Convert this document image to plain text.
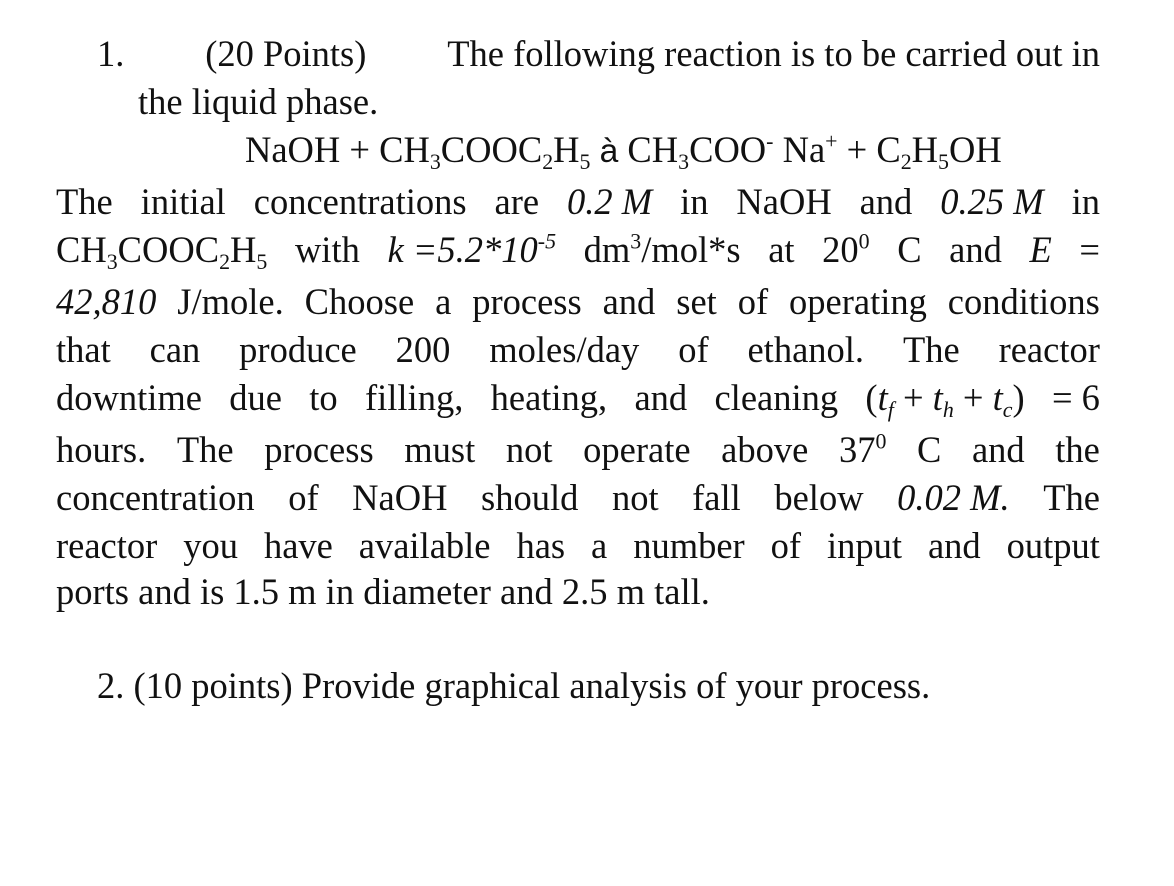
1. (20 Points) The following reaction is to be carried out in
the liquid phase.
NaOH + $CH_3COOC_2H_5$ à $CH_3COO^-$ $Na^+ + C_2H_5OH$
The initial concentrations are 0.2 M in NaOH and 0.25 M in
$CH_3COOC_2H_5$ with $k =5.2*10^{-5}$ $dm^3/mol*s$ at $20^0$ C and E =
42,810 J/mole. Choose a process and set of operating conditions
that can produce 200 moles/day of ethanol. The reactor
downtime due to filling, heating, and cleaning $(t_f + t_h + t_c) = 6$
hours. The process must not operate above $37^0$ C and the
concentration of NaOH should not fall below 0.02 M. The
reactor you have available has a number of input and output
ports and is 1.5 m in diameter and 2.5 m tall.
2. (10 points) Provide graphical analysis of your process.
